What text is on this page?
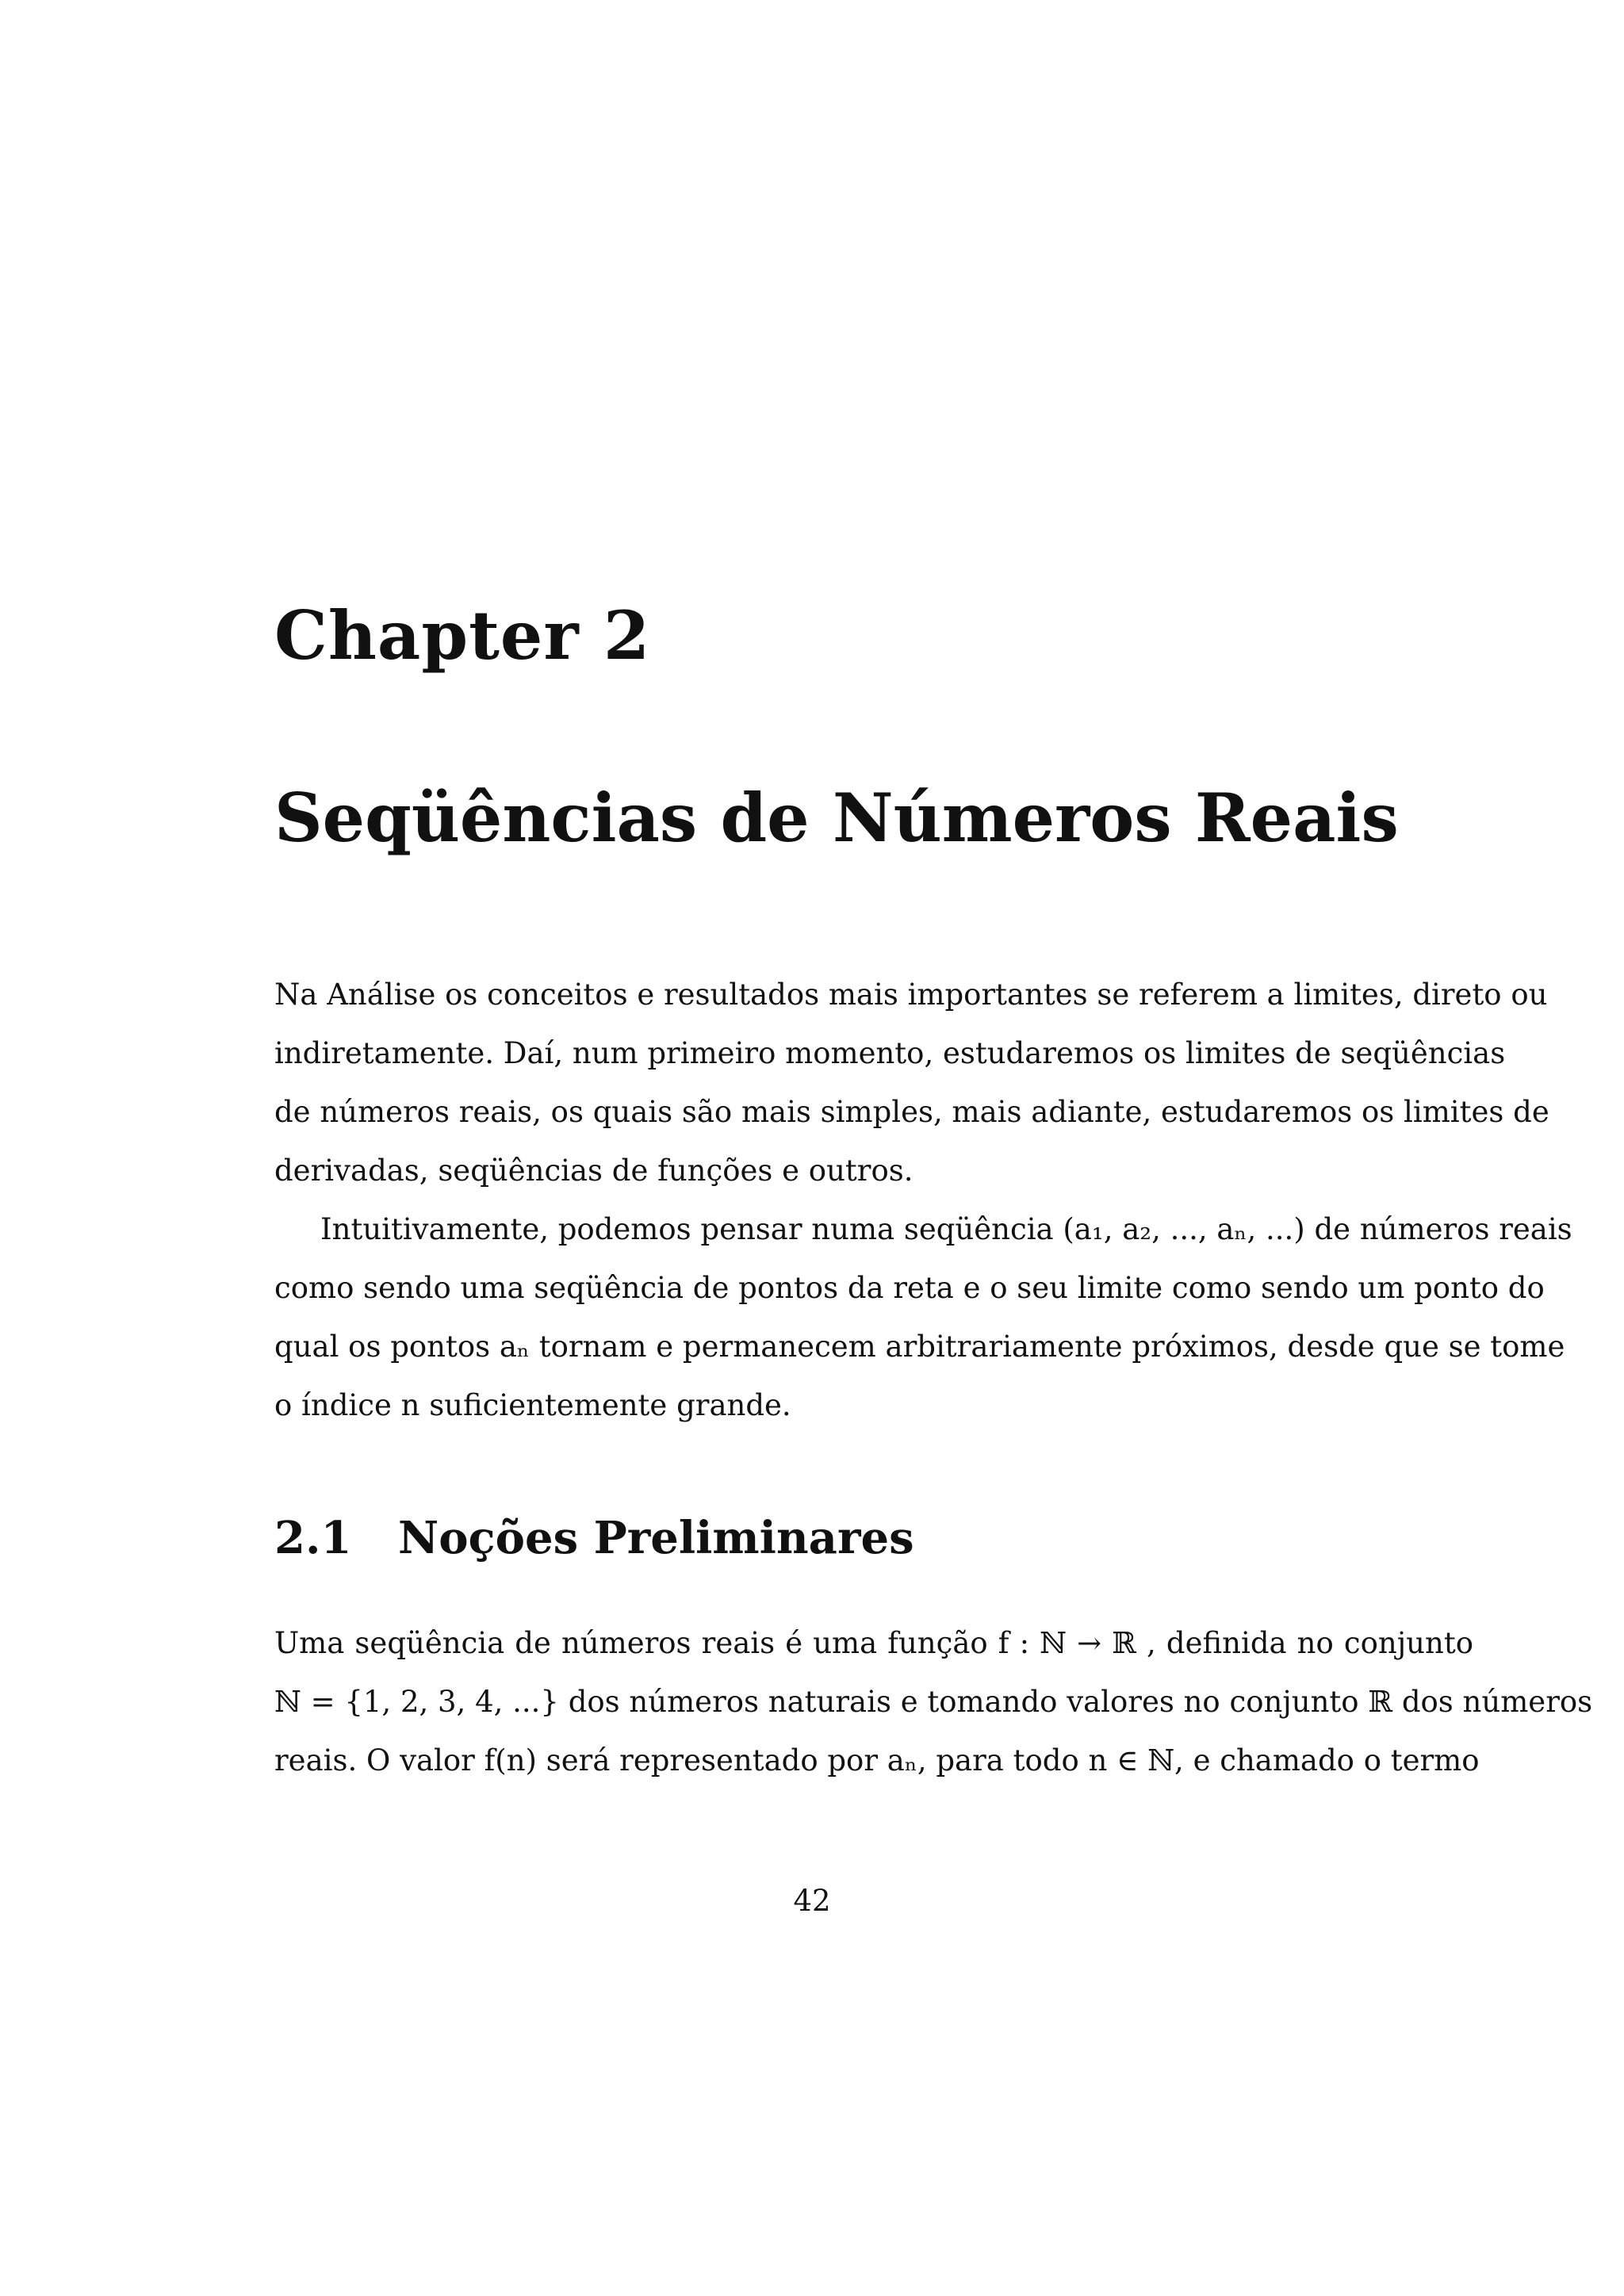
Chapter 2
Seqüências de Números Reais

Na Análise os conceitos e resultados mais importantes se referem a limites, direto ou
indiretamente. Daí, num primeiro momento, estudaremos os limites de seqüências
de números reais, os quais são mais simples, mais adiante, estudaremos os limites de
derivadas, seqüências de funções e outros.

Intuitivamente, podemos pensar numa seqüência (a₁, a₂, ..., aₙ, ...) de números reais
como sendo uma seqüência de pontos da reta e o seu limite como sendo um ponto do
qual os pontos aₙ tornam e permanecem arbitrariamente próximos, desde que se tome
o índice n suficientemente grande.

2.1 Noções Preliminares

Uma seqüência de números reais é uma função f : ℕ → ℝ , definida no conjunto
ℕ = {1, 2, 3, 4, ...} dos números naturais e tomando valores no conjunto ℝ dos números
reais. O valor f(n) será representado por aₙ, para todo n ∈ ℕ, e chamado o termo

42
